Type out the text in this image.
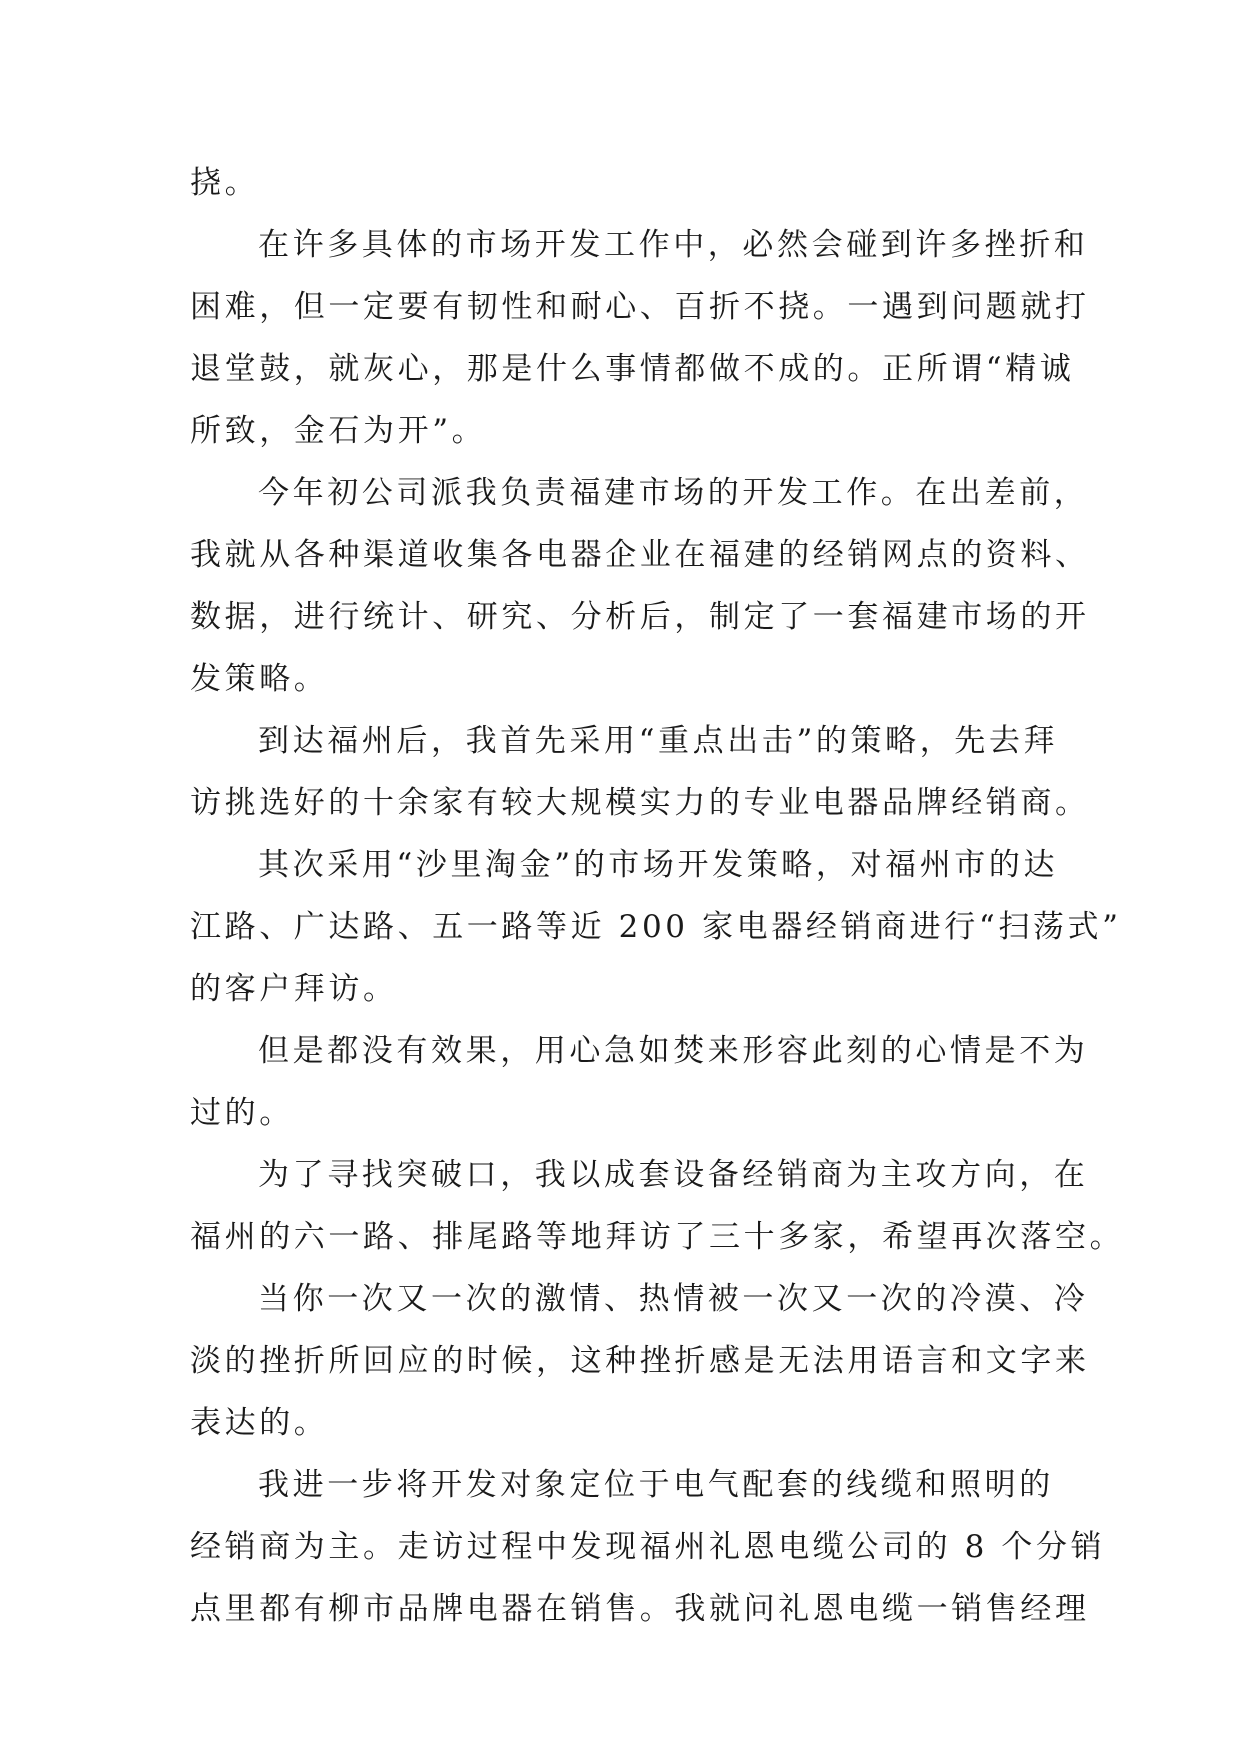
挠。
在许多具体的市场开发工作中，必然会碰到许多挫折和
困难，但一定要有韧性和耐心、百折不挠。一遇到问题就打
退堂鼓，就灰心，那是什么事情都做不成的。正所谓“精诚
所致，金石为开”。
今年初公司派我负责福建市场的开发工作。在出差前，
我就从各种渠道收集各电器企业在福建的经销网点的资料、
数据，进行统计、研究、分析后，制定了一套福建市场的开
发策略。
到达福州后，我首先采用“重点出击”的策略，先去拜
访挑选好的十余家有较大规模实力的专业电器品牌经销商。
其次采用“沙里淘金”的市场开发策略，对福州市的达
江路、广达路、五一路等近 200 家电器经销商进行“扫荡式”
的客户拜访。
但是都没有效果，用心急如焚来形容此刻的心情是不为
过的。
为了寻找突破口，我以成套设备经销商为主攻方向，在
福州的六一路、排尾路等地拜访了三十多家，希望再次落空。
当你一次又一次的激情、热情被一次又一次的冷漠、冷
淡的挫折所回应的时候，这种挫折感是无法用语言和文字来
表达的。
我进一步将开发对象定位于电气配套的线缆和照明的
经销商为主。走访过程中发现福州礼恩电缆公司的 8 个分销
点里都有柳市品牌电器在销售。我就问礼恩电缆一销售经理
